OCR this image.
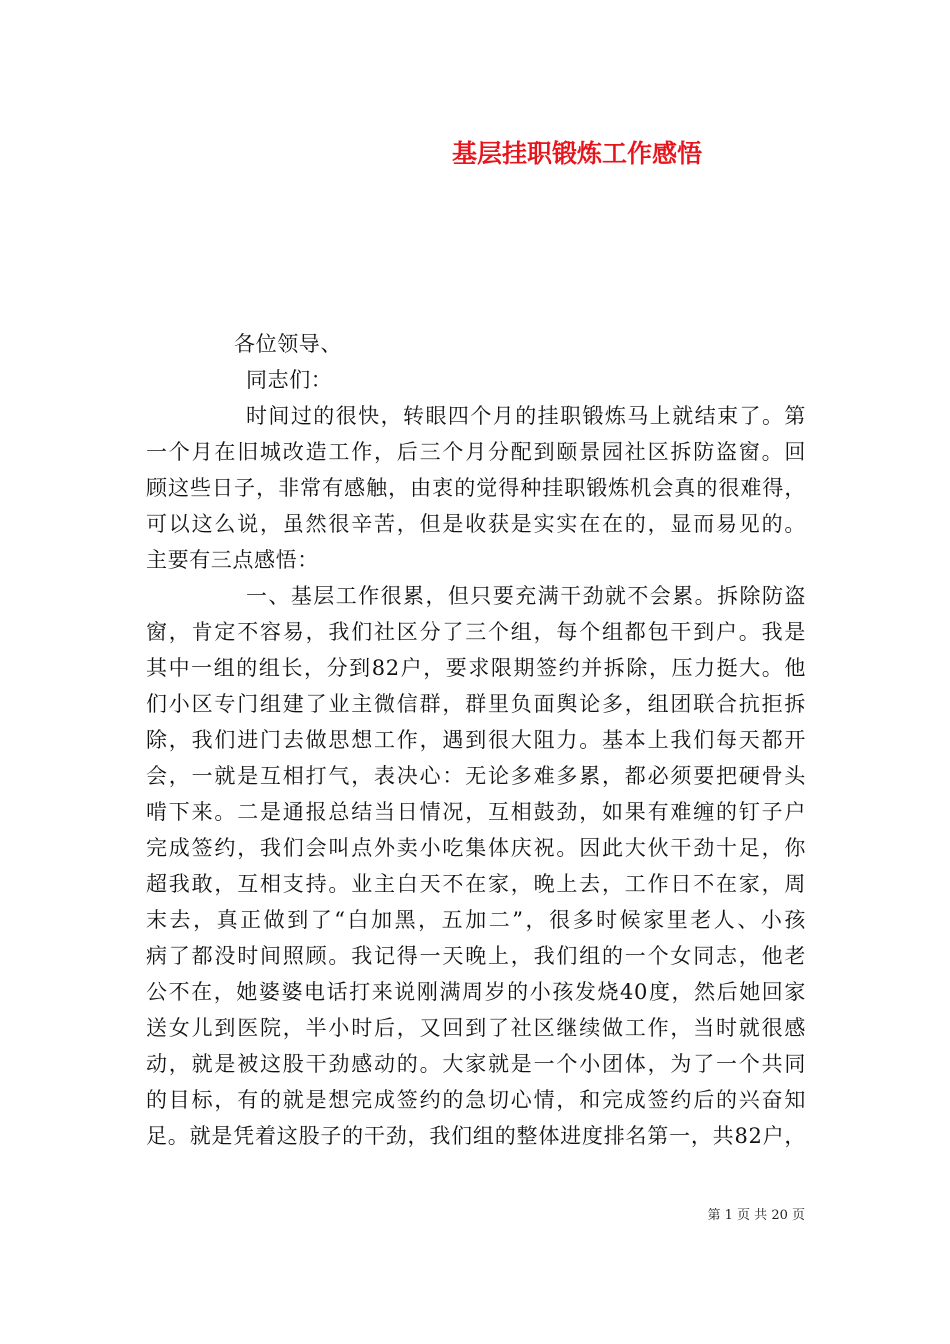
基层挂职锻炼工作感悟
各位领导、
同志们：
时间过的很快，转眼四个月的挂职锻炼马上就结束了。第
一个月在旧城改造工作，后三个月分配到颐景园社区拆防盗窗。回
顾这些日子，非常有感触，由衷的觉得种挂职锻炼机会真的很难得，
可以这么说，虽然很辛苦，但是收获是实实在在的，显而易见的。
主要有三点感悟：
一、基层工作很累，但只要充满干劲就不会累。拆除防盗
窗，肯定不容易，我们社区分了三个组，每个组都包干到户。我是
其中一组的组长，分到82户，要求限期签约并拆除，压力挺大。他
们小区专门组建了业主微信群，群里负面舆论多，组团联合抗拒拆
除，我们进门去做思想工作，遇到很大阻力。基本上我们每天都开
会，一就是互相打气，表决心：无论多难多累，都必须要把硬骨头
啃下来。二是通报总结当日情况，互相鼓劲，如果有难缠的钉子户
完成签约，我们会叫点外卖小吃集体庆祝。因此大伙干劲十足，你
超我敢，互相支持。业主白天不在家，晚上去，工作日不在家，周
末去，真正做到了“白加黑，五加二”，很多时候家里老人、小孩
病了都没时间照顾。我记得一天晚上，我们组的一个女同志，他老
公不在，她婆婆电话打来说刚满周岁的小孩发烧40度，然后她回家
送女儿到医院，半小时后，又回到了社区继续做工作，当时就很感
动，就是被这股干劲感动的。大家就是一个小团体，为了一个共同
的目标，有的就是想完成签约的急切心情，和完成签约后的兴奋知
足。就是凭着这股子的干劲，我们组的整体进度排名第一，共82户，
第 1 页 共 20 页
